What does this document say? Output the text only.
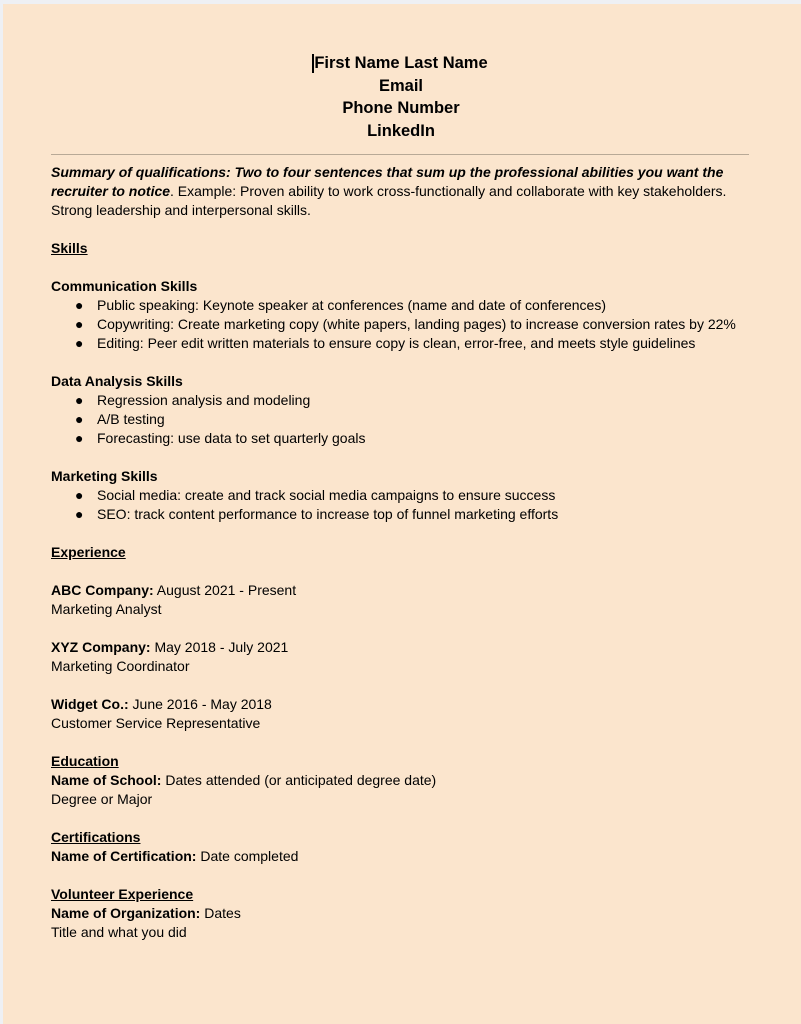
First Name Last Name
Email
Phone Number
LinkedIn

Summary of qualifications: Two to four sentences that sum up the professional abilities you want the recruiter to notice. Example: Proven ability to work cross-functionally and collaborate with key stakeholders. Strong leadership and interpersonal skills.

Skills

Communication Skills

● Public speaking: Keynote speaker at conferences (name and date of conferences)
● Copywriting: Create marketing copy (white papers, landing pages) to increase conversion rates by 22%
● Editing: Peer edit written materials to ensure copy is clean, error-free, and meets style guidelines

Data Analysis Skills

● Regression analysis and modeling
● A/B testing
● Forecasting: use data to set quarterly goals

Marketing Skills

● Social media: create and track social media campaigns to ensure success
● SEO: track content performance to increase top of funnel marketing efforts

Experience

ABC Company: August 2021 - Present

Marketing Analyst

XYZ Company: May 2018 - July 2021

Marketing Coordinator

Widget Co.: June 2016 - May 2018

Customer Service Representative

Education

Name of School: Dates attended (or anticipated degree date)

Degree or Major

Certifications

Name of Certification: Date completed

Volunteer Experience

Name of Organization: Dates

Title and what you did
